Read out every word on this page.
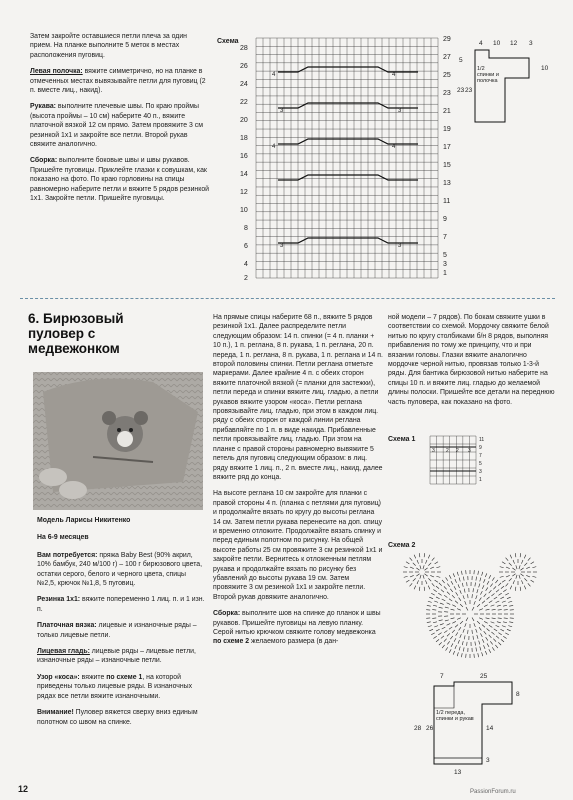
Затем закройте оставшиеся петли плеча за один прием. На планке выполните 5 меток в местах расположения пуговиц.

Левая полочка: вяжите симметрично, но на планке в отмеченных местах вывязывайте петли для пуговиц (2 п. вместе лиц., накид).

Рукава: выполните плечевые швы. По краю проймы (высота проймы – 10 см) наберите 40 п., вяжите платочной вязкой 12 см прямо. Затем провяжите 3 см резинкой 1х1 и закройте все петли. Второй рукав свяжите аналогично.

Сборка: выполните боковые швы и швы рукавов. Пришейте пуговицы. Приклейте глазки к совушкам, как показано на фото. По краю горловины на спицы равномерно наберите петли и вяжите 5 рядов резинкой 1х1. Закройте петли. Пришейте пуговицы.

Схема
28
26
24
22
20
18
16
14
12
10
8
6
4
2
29
27
25
23
21
19
17
15
13
11
9
7
5
3
1
4	4
4	4
3	3
3	3
4 10 12 3
5
10
23 23
1/2 спинки и полочка
6. Бирюзовый пуловер с медвежонком

Модель Ларисы Никитенко

На 6-9 месяцев

Вам потребуется: пряжа Baby Best (90% акрил, 10% бамбук, 240 м/100 г) – 100 г бирюзового цвета, остатки серого, белого и черного цвета, спицы №2,5, крючок №1,8, 5 пуговиц.

Резинка 1х1: вяжите попеременно 1 лиц. п. и 1 изн. п.

Платочная вязка: лицевые и изнаночные ряды – только лицевые петли.

Лицевая гладь: лицевые ряды – лицевые петли, изнаночные ряды – изнаночные петли.

Узор «коса»: вяжите по схеме 1, на которой приведены только лицевые ряды. В изнаночных рядах все петли вяжите изнаночными.

Внимание! Пуловер вяжется сверху вниз единым полотном со швом на спинке.

На прямые спицы наберите 68 п., вяжите 5 рядов резинкой 1х1. Далее распределите петли следующим образом: 14 п. спинки (= 4 п. планки + 10 п.), 1 п. реглана, 8 п. рукава, 1 п. реглана, 20 п. переда, 1 п. реглана, 8 п. рукава, 1 п. реглана и 14 п. второй половины спинки. Петли реглана отметьте маркерами. Далее крайние 4 п. с обеих сторон вяжите платочной вязкой (= планки для застежки), петли переда и спинки вяжите лиц. гладью, а петли рукавов вяжите узором «коса». Петли реглана провязывайте лиц. гладью, при этом в каждом лиц. ряду с обеих сторон от каждой линии реглана прибавляйте по 1 п. в виде накида. Прибавленные петли провязывайте лиц. гладью. При этом на планке с правой стороны равномерно вывяжите 5 петель для пуговиц следующим образом: в лиц. ряду вяжите 1 лиц. п., 2 п. вместе лиц., накид, далее вяжите ряд до конца.

На высоте реглана 10 см закройте для планки с правой стороны 4 п. (планка с петлями для пуговиц) и продолжайте вязать по кругу до высоты реглана 14 см. Затем петли рукава перенесите на доп. спицу и временно отложите. Продолжайте вязать спинку и перед единым полотном по рисунку. На общей высоте работы 25 см провяжите 3 см резинкой 1х1 и закройте петли. Вернитесь к отложенным петлям рукава и продолжайте вязать по рисунку без убавлений до высоты рукава 19 см. Затем провяжите 3 см резинкой 1х1 и закройте петли. Второй рукав довяжите аналогично.

Сборка: выполните шов на спинке до планок и швы рукавов. Пришейте пуговицы на левую планку. Серой нитью крючком свяжите голову медвежонка по схеме 2 желаемого размера (в дан-

ной модели – 7 рядов). По бокам свяжите ушки в соответствии со схемой. Мордочку свяжите белой нитью по кругу столбиками б/н 8 рядов, выполняя прибавления по тому же принципу, что и при вязании головы. Глазки вяжите аналогично мордочке черной нитью, провязав только 1-3-й ряды. Для бантика бирюзовой нитью наберите на спицы 10 п. и вяжите лиц. гладью до желаемой длины полоски. Пришейте все детали на переднюю часть пуловера, как показано на фото.

Схема 1
3 2 2 3
11
9
7
5
3
1
Схема 2
7	25
8
28 26
3
14
13
1/2 переда, спинки и рукав
12	PassionForum.ru
